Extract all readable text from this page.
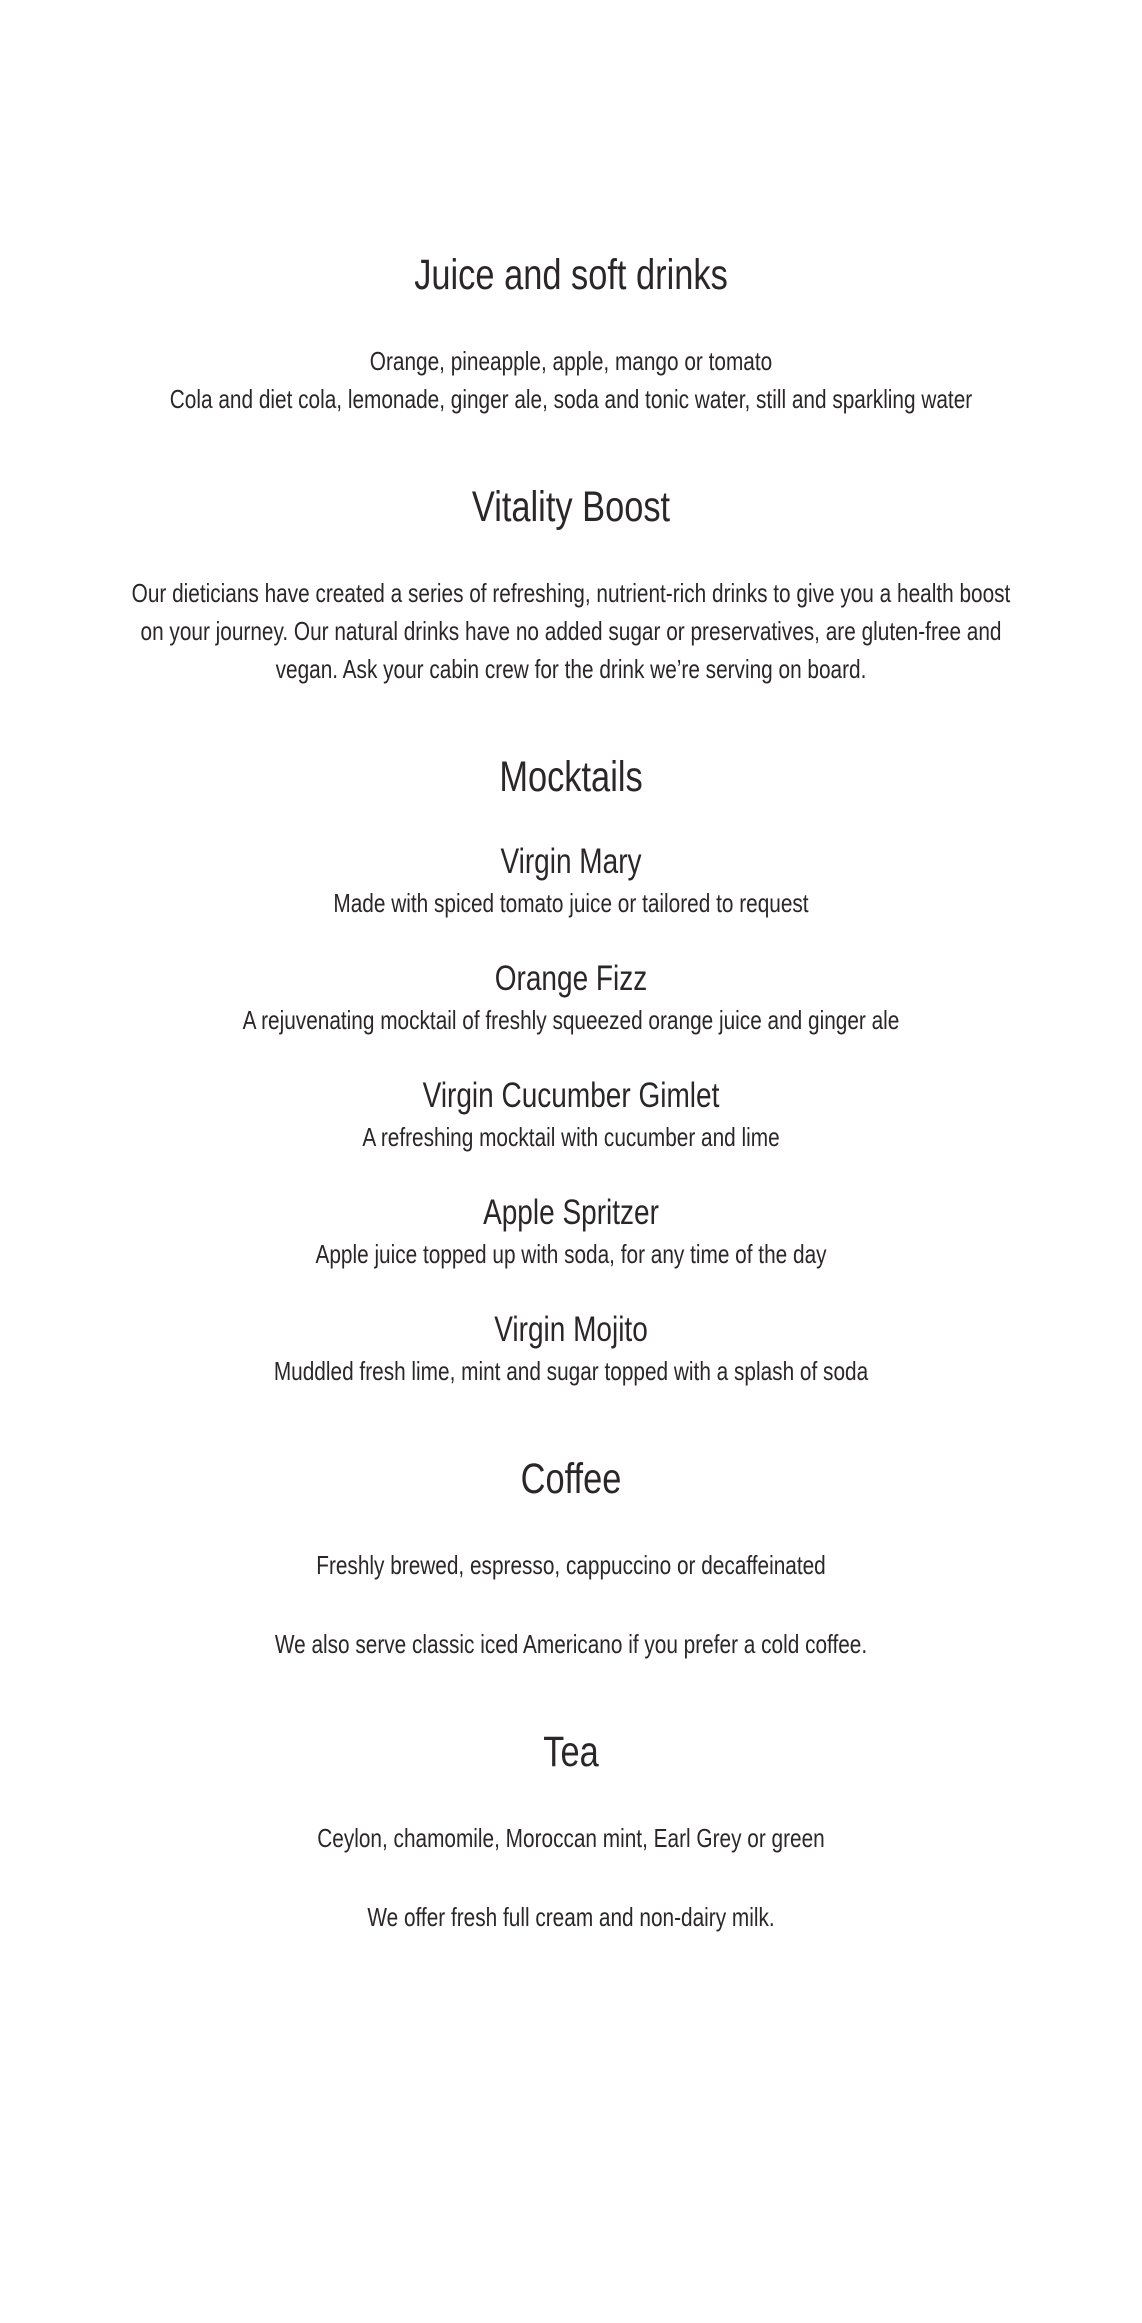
Juice and soft drinks

Orange, pineapple, apple, mango or tomato

Cola and diet cola, lemonade, ginger ale, soda and tonic water, still and sparkling water

Vitality Boost

Our dieticians have created a series of refreshing, nutrient-rich drinks to give you a health boost on your journey. Our natural drinks have no added sugar or preservatives, are gluten-free and vegan. Ask your cabin crew for the drink we’re serving on board.

Mocktails
Virgin Mary

Made with spiced tomato juice or tailored to request

Orange Fizz

A rejuvenating mocktail of freshly squeezed orange juice and ginger ale

Virgin Cucumber Gimlet

A refreshing mocktail with cucumber and lime

Apple Spritzer

Apple juice topped up with soda, for any time of the day

Virgin Mojito

Muddled fresh lime, mint and sugar topped with a splash of soda

Coffee

Freshly brewed, espresso, cappuccino or decaffeinated

We also serve classic iced Americano if you prefer a cold coffee.

Tea

Ceylon, chamomile, Moroccan mint, Earl Grey or green

We offer fresh full cream and non-dairy milk.
